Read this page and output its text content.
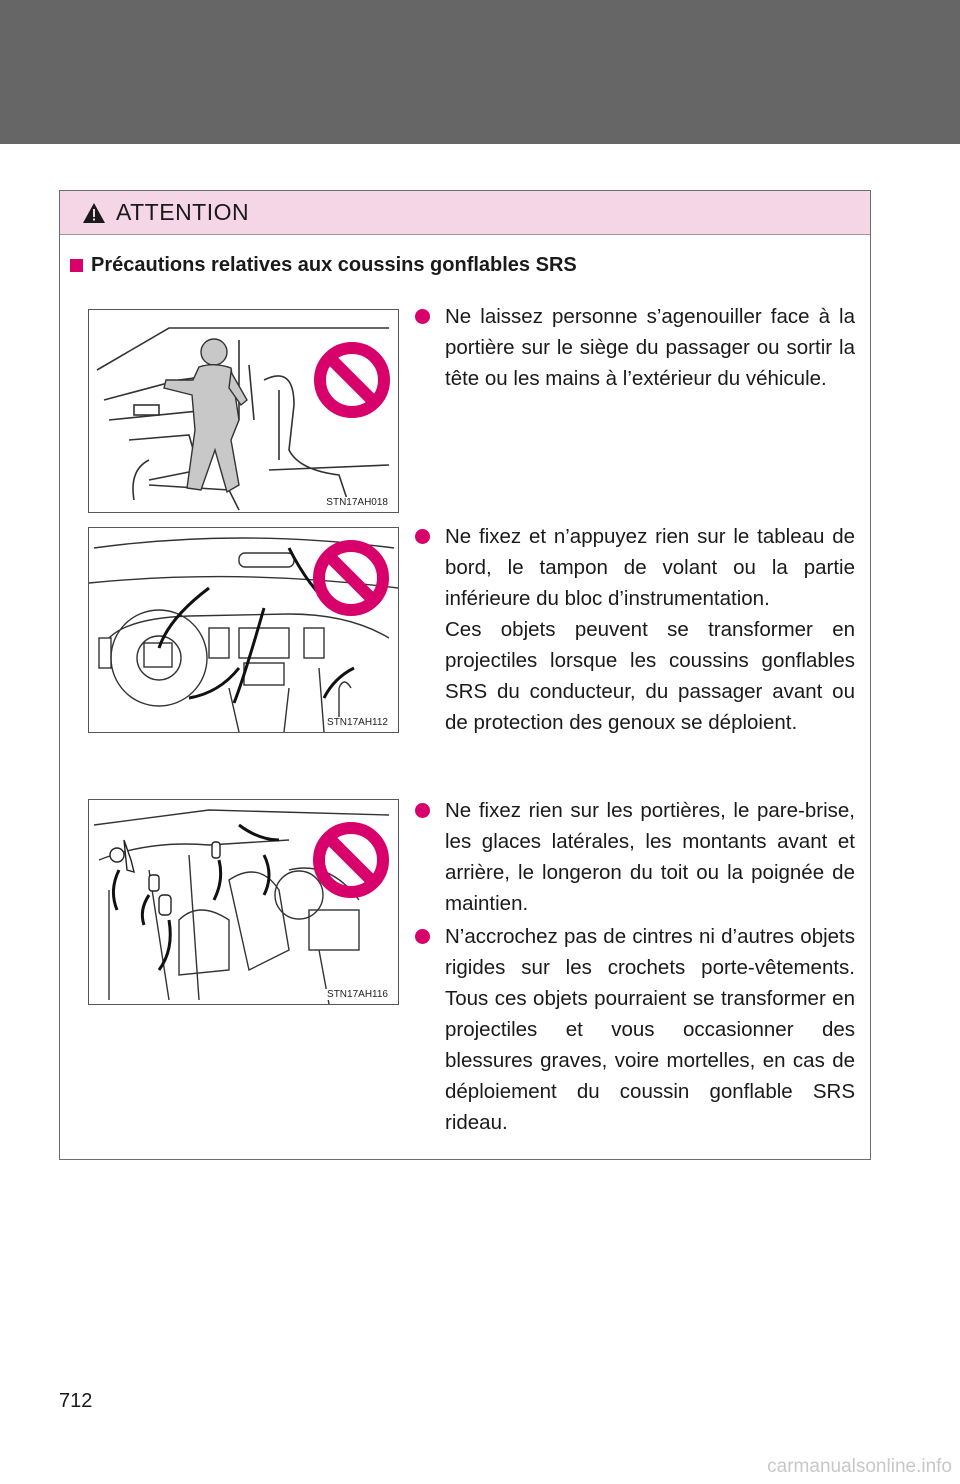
ATTENTION
Précautions relatives aux coussins gonflables SRS
STN17AH018
STN17AH112
STN17AH116

Ne laissez personne s’agenouiller face à la portière sur le siège du passager ou sortir la tête ou les mains à l’extérieur du véhicule.

Ne fixez et n’appuyez rien sur le tableau de bord, le tampon de volant ou la partie inférieure du bloc d’instrumentation.

Ces objets peuvent se transformer en projectiles lorsque les coussins gonflables SRS du conducteur, du passager avant ou de protection des genoux se déploient.

Ne fixez rien sur les portières, le pare-brise, les glaces latérales, les montants avant et arrière, le longeron du toit ou la poignée de maintien.

N’accrochez pas de cintres ni d’autres objets rigides sur les crochets porte-vêtements. Tous ces objets pourraient se transformer en projectiles et vous occasionner des blessures graves, voire mortelles, en cas de déploiement du coussin gonflable SRS rideau.

712
carmanualsonline.info
